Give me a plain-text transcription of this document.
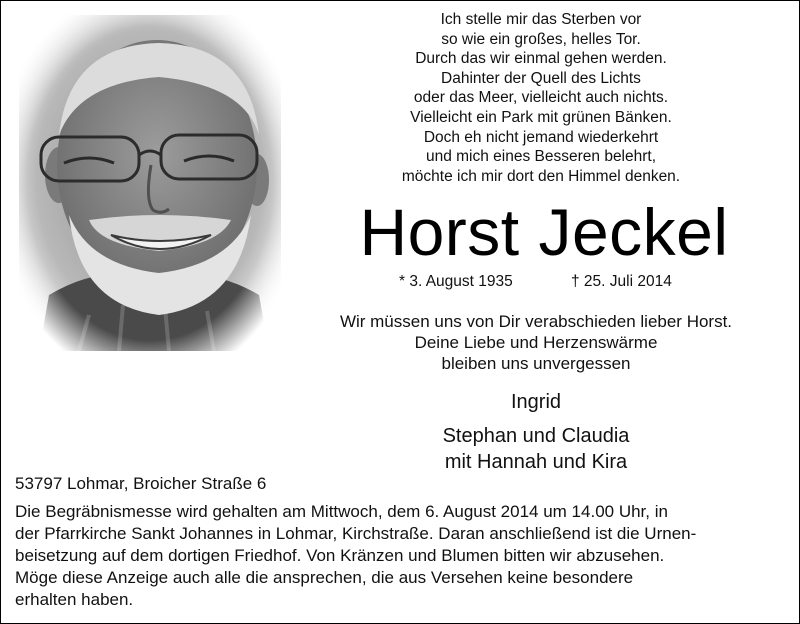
Ich stelle mir das Sterben vor
so wie ein großes, helles Tor.
Durch das wir einmal gehen werden.
Dahinter der Quell des Lichts
oder das Meer, vielleicht auch nichts.
Vielleicht ein Park mit grünen Bänken.
Doch eh nicht jemand wiederkehrt
und mich eines Besseren belehrt,
möchte ich mir dort den Himmel denken.
Horst Jeckel
* 3. August 1935	† 25. Juli 2014
Wir müssen uns von Dir verabschieden lieber Horst.
Deine Liebe und Herzenswärme
bleiben uns unvergessen
Ingrid
Stephan und Claudia
mit Hannah und Kira
53797 Lohmar, Broicher Straße 6
Die Begräbnismesse wird gehalten am Mittwoch, dem 6. August 2014 um 14.00 Uhr, in
der Pfarrkirche Sankt Johannes in Lohmar, Kirchstraße. Daran anschließend ist die Urnen-
beisetzung auf dem dortigen Friedhof. Von Kränzen und Blumen bitten wir abzusehen.
Möge diese Anzeige auch alle die ansprechen, die aus Versehen keine besondere
erhalten haben.
